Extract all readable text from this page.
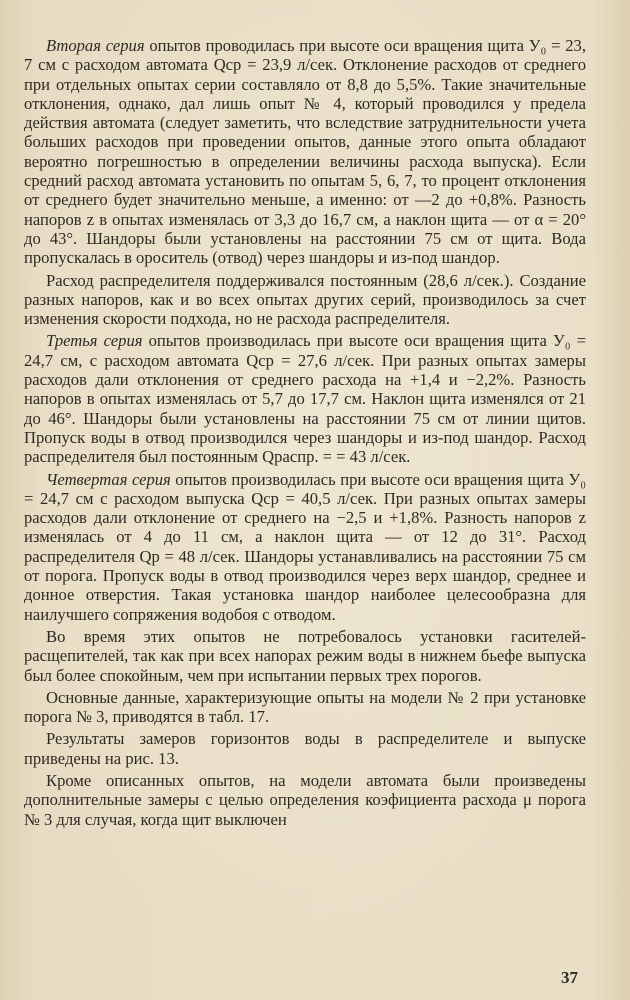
Вторая серия опытов проводилась при высоте оси вращения щита У₀ = 23, 7 см с расходом автомата Qср = 23,9 л/сек. Отклонение расходов от среднего при отдельных опытах серии составляло от 8,8 до 5,5%. Такие значительные отклонения, однако, дал лишь опыт № 4, который проводился у предела действия автомата (следует заметить, что вследствие затруднительности учета больших расходов при проведении опытов, данные этого опыта обладают вероятно погрешностью в определении величины расхода выпуска). Если средний расход автомата установить по опытам 5, 6, 7, то процент отклонения от среднего будет значительно меньше, а именно: от —2 до +0,8%. Разность напоров z в опытах изменялась от 3,3 до 16,7 см, а наклон щита — от α = 20° до 43°. Шандоры были установлены на расстоянии 75 см от щита. Вода пропускалась в ороситель (отвод) через шандоры и из-под шандор.

Расход распределителя поддерживался постоянным (28,6 л/сек.). Создание разных напоров, как и во всех опытах других серий, производилось за счет изменения скорости подхода, но не расхода распределителя.

Третья серия опытов производилась при высоте оси вращения щита У₀ = 24,7 см, с расходом автомата Qср = 27,6 л/сек. При разных опытах замеры расходов дали отклонения от среднего расхода на +1,4 и −2,2%. Разность напоров в опытах изменялась от 5,7 до 17,7 см. Наклон щита изменялся от 21 до 46°. Шандоры были установлены на расстоянии 75 см от линии щитов. Пропуск воды в отвод производился через шандоры и из-под шандор. Расход распределителя был постоянным Qраспр. = = 43 л/сек.

Четвертая серия опытов производилась при высоте оси вращения щита У₀ = 24,7 см с расходом выпуска Qср = 40,5 л/сек. При разных опытах замеры расходов дали отклонение от среднего на −2,5 и +1,8%. Разность напоров z изменялась от 4 до 11 см, а наклон щита — от 12 до 31°. Расход распределителя Qр = 48 л/сек. Шандоры устанавливались на расстоянии 75 см от порога. Пропуск воды в отвод производился через верх шандор, среднее и донное отверстия. Такая установка шандор наиболее целесообразна для наилучшего сопряжения водобоя с отводом.

Во время этих опытов не потребовалось установки гасителей-расщепителей, так как при всех напорах режим воды в нижнем бьефе выпуска был более спокойным, чем при испытании первых трех порогов.

Основные данные, характеризующие опыты на модели № 2 при установке порога № 3, приводятся в табл. 17.

Результаты замеров горизонтов воды в распределителе и выпуске приведены на рис. 13.

Кроме описанных опытов, на модели автомата были произведены дополнительные замеры с целью определения коэфициента расхода μ порога № 3 для случая, когда щит выключен

37
